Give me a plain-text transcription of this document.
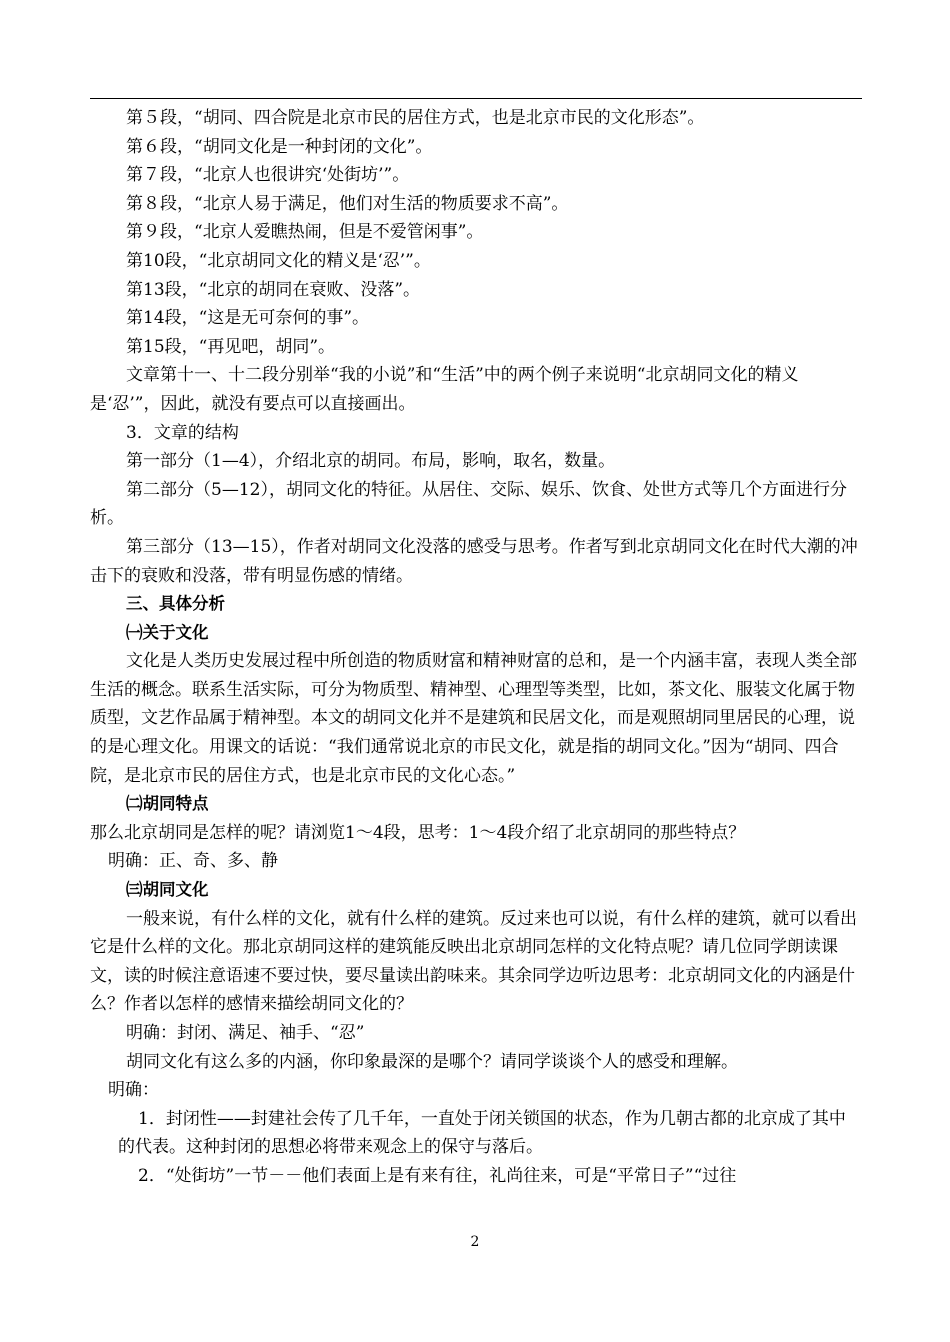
第５段，“胡同、四合院是北京市民的居住方式，也是北京市民的文化形态”。

第６段，“胡同文化是一种封闭的文化”。

第７段，“北京人也很讲究‘处街坊’”。

第８段，“北京人易于满足，他们对生活的物质要求不高”。

第９段，“北京人爱瞧热闹，但是不爱管闲事”。

第10段，“北京胡同文化的精义是‘忍’”。

第13段，“北京的胡同在衰败、没落”。

第14段，“这是无可奈何的事”。

第15段，“再见吧，胡同”。

文章第十一、十二段分别举“我的小说”和“生活”中的两个例子来说明“北京胡同文化的精义是‘忍’”，因此，就没有要点可以直接画出。

3．文章的结构

第一部分（1—4），介绍北京的胡同。布局，影响，取名，数量。

第二部分（5—12），胡同文化的特征。从居住、交际、娱乐、饮食、处世方式等几个方面进行分析。

第三部分（13—15），作者对胡同文化没落的感受与思考。作者写到北京胡同文化在时代大潮的冲击下的衰败和没落，带有明显伤感的情绪。

三、具体分析

㈠关于文化

文化是人类历史发展过程中所创造的物质财富和精神财富的总和，是一个内涵丰富，表现人类全部生活的概念。联系生活实际，可分为物质型、精神型、心理型等类型，比如，茶文化、服装文化属于物质型，文艺作品属于精神型。本文的胡同文化并不是建筑和民居文化，而是观照胡同里居民的心理，说的是心理文化。用课文的话说：“我们通常说北京的市民文化，就是指的胡同文化。”因为“胡同、四合院，是北京市民的居住方式，也是北京市民的文化心态。”

㈡胡同特点

那么北京胡同是怎样的呢？请浏览1～4段，思考：1～4段介绍了北京胡同的那些特点？

明确：正、奇、多、静

㈢胡同文化

一般来说，有什么样的文化，就有什么样的建筑。反过来也可以说，有什么样的建筑，就可以看出它是什么样的文化。那北京胡同这样的建筑能反映出北京胡同怎样的文化特点呢？请几位同学朗读课文，读的时候注意语速不要过快，要尽量读出韵味来。其余同学边听边思考：北京胡同文化的内涵是什么？作者以怎样的感情来描绘胡同文化的？

明确：封闭、满足、袖手、“忍”

胡同文化有这么多的内涵，你印象最深的是哪个？请同学谈谈个人的感受和理解。

明确：

1．封闭性——封建社会传了几千年，一直处于闭关锁国的状态，作为几朝古都的北京成了其中的代表。这种封闭的思想必将带来观念上的保守与落后。

2．“处街坊”一节－－他们表面上是有来有往，礼尚往来，可是“平常日子”“过往

2
